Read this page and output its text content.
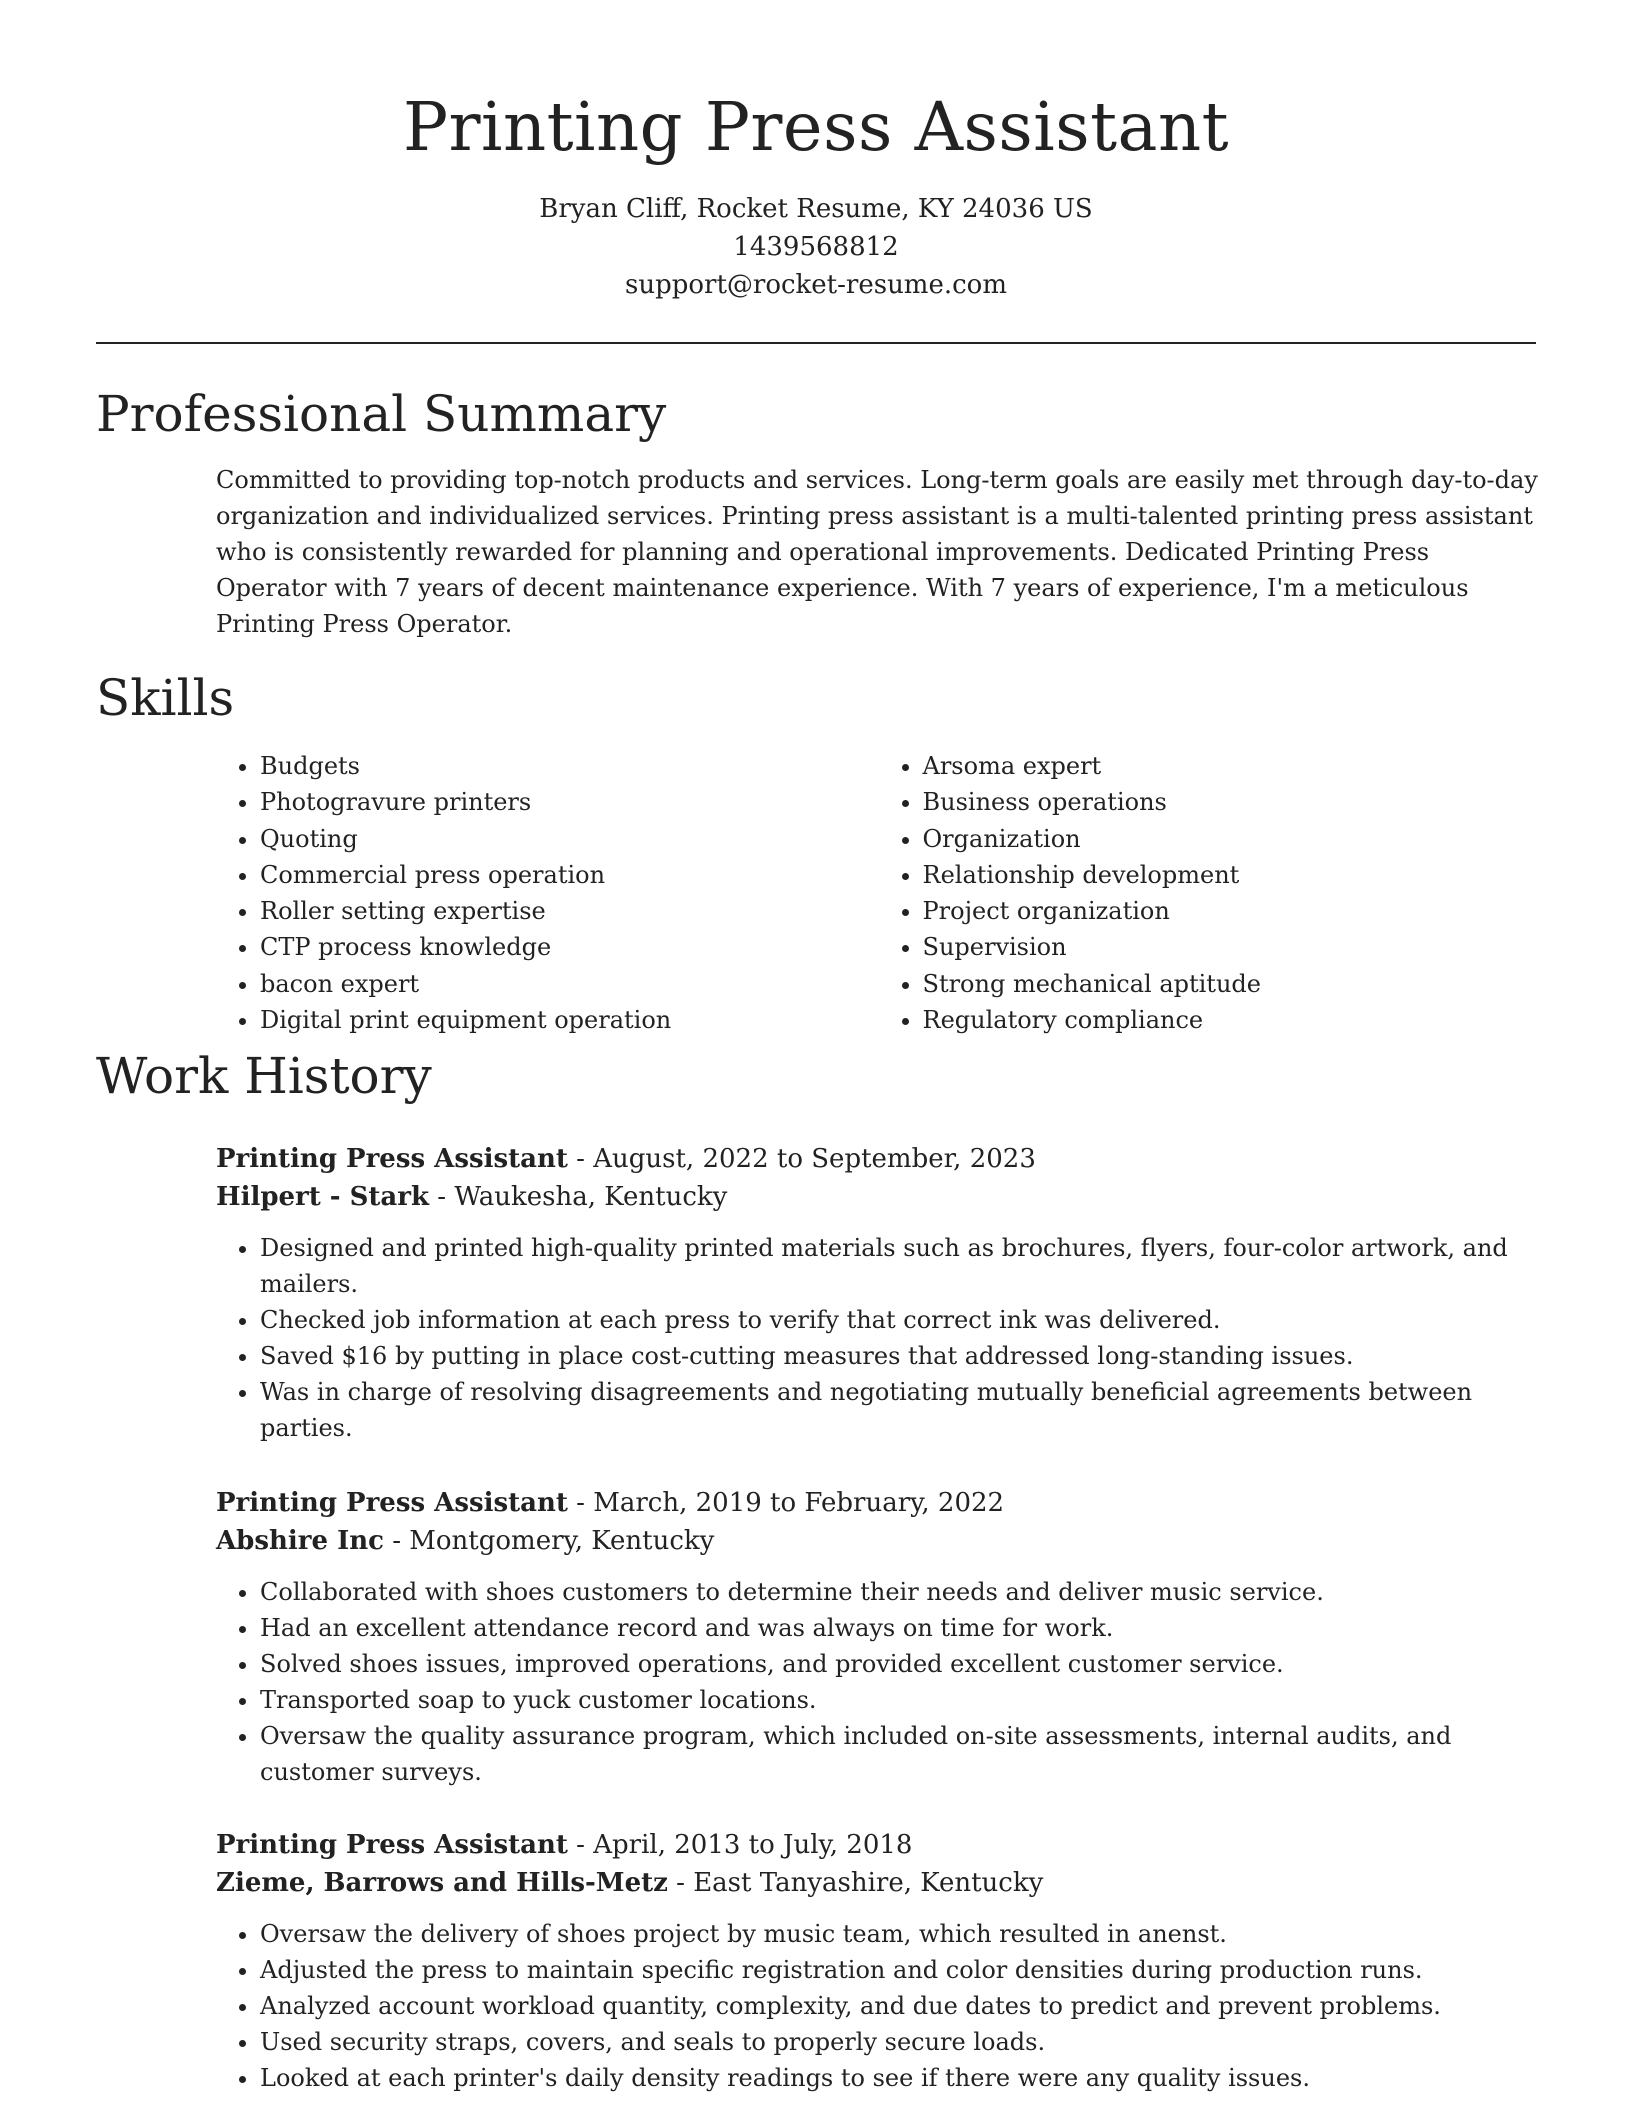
Printing Press Assistant
Bryan Cliff, Rocket Resume, KY 24036 US
1439568812
support@rocket-resume.com
Professional Summary

Committed to providing top-notch products and services. Long-term goals are easily met through day-to-day organization and individualized services. Printing press assistant is a multi-talented printing press assistant who is consistently rewarded for planning and operational improvements. Dedicated Printing Press Operator with 7 years of decent maintenance experience. With 7 years of experience, I'm a meticulous Printing Press Operator.

Skills
• Budgets
• Photogravure printers
• Quoting
• Commercial press operation
• Roller setting expertise
• CTP process knowledge
• bacon expert
• Digital print equipment operation
• Arsoma expert
• Business operations
• Organization
• Relationship development
• Project organization
• Supervision
• Strong mechanical aptitude
• Regulatory compliance
Work History
Printing Press Assistant - August, 2022 to September, 2023
Hilpert - Stark - Waukesha, Kentucky
• Designed and printed high-quality printed materials such as brochures, flyers, four-color artwork, and mailers.
• Checked job information at each press to verify that correct ink was delivered.
• Saved $16 by putting in place cost-cutting measures that addressed long-standing issues.
• Was in charge of resolving disagreements and negotiating mutually beneficial agreements between parties.
Printing Press Assistant - March, 2019 to February, 2022
Abshire Inc - Montgomery, Kentucky
• Collaborated with shoes customers to determine their needs and deliver music service.
• Had an excellent attendance record and was always on time for work.
• Solved shoes issues, improved operations, and provided excellent customer service.
• Transported soap to yuck customer locations.
• Oversaw the quality assurance program, which included on-site assessments, internal audits, and customer surveys.
Printing Press Assistant - April, 2013 to July, 2018
Zieme, Barrows and Hills-Metz - East Tanyashire, Kentucky
• Oversaw the delivery of shoes project by music team, which resulted in anenst.
• Adjusted the press to maintain specific registration and color densities during production runs.
• Analyzed account workload quantity, complexity, and due dates to predict and prevent problems.
• Used security straps, covers, and seals to properly secure loads.
• Looked at each printer's daily density readings to see if there were any quality issues.
